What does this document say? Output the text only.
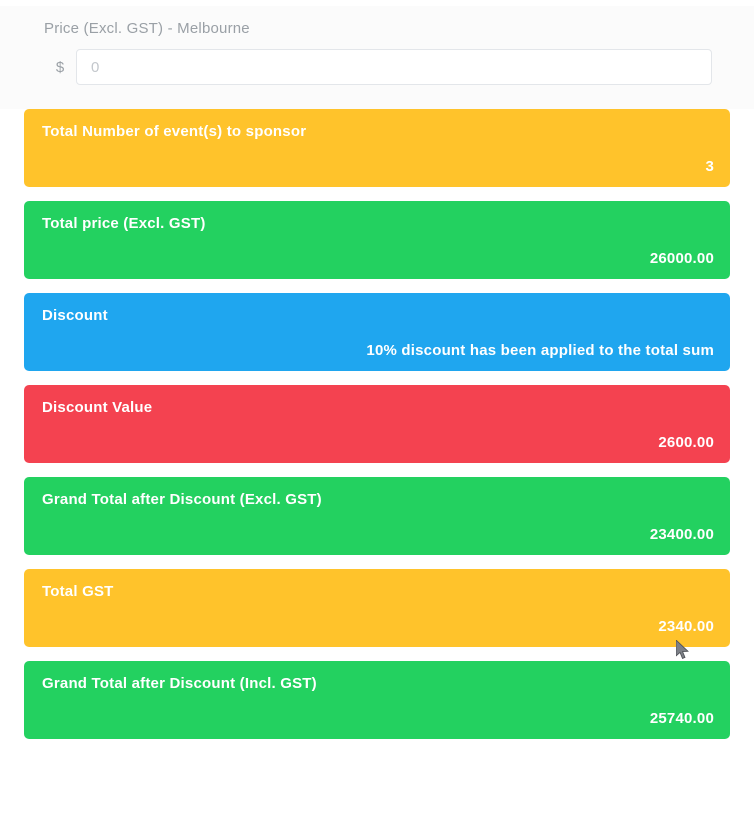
Price (Excl. GST) - Melbourne
$
0
Total Number of event(s) to sponsor
3
Total price (Excl. GST)
26000.00
Discount
10% discount has been applied to the total sum
Discount Value
2600.00
Grand Total after Discount (Excl. GST)
23400.00
Total GST
2340.00
Grand Total after Discount (Incl. GST)
25740.00
